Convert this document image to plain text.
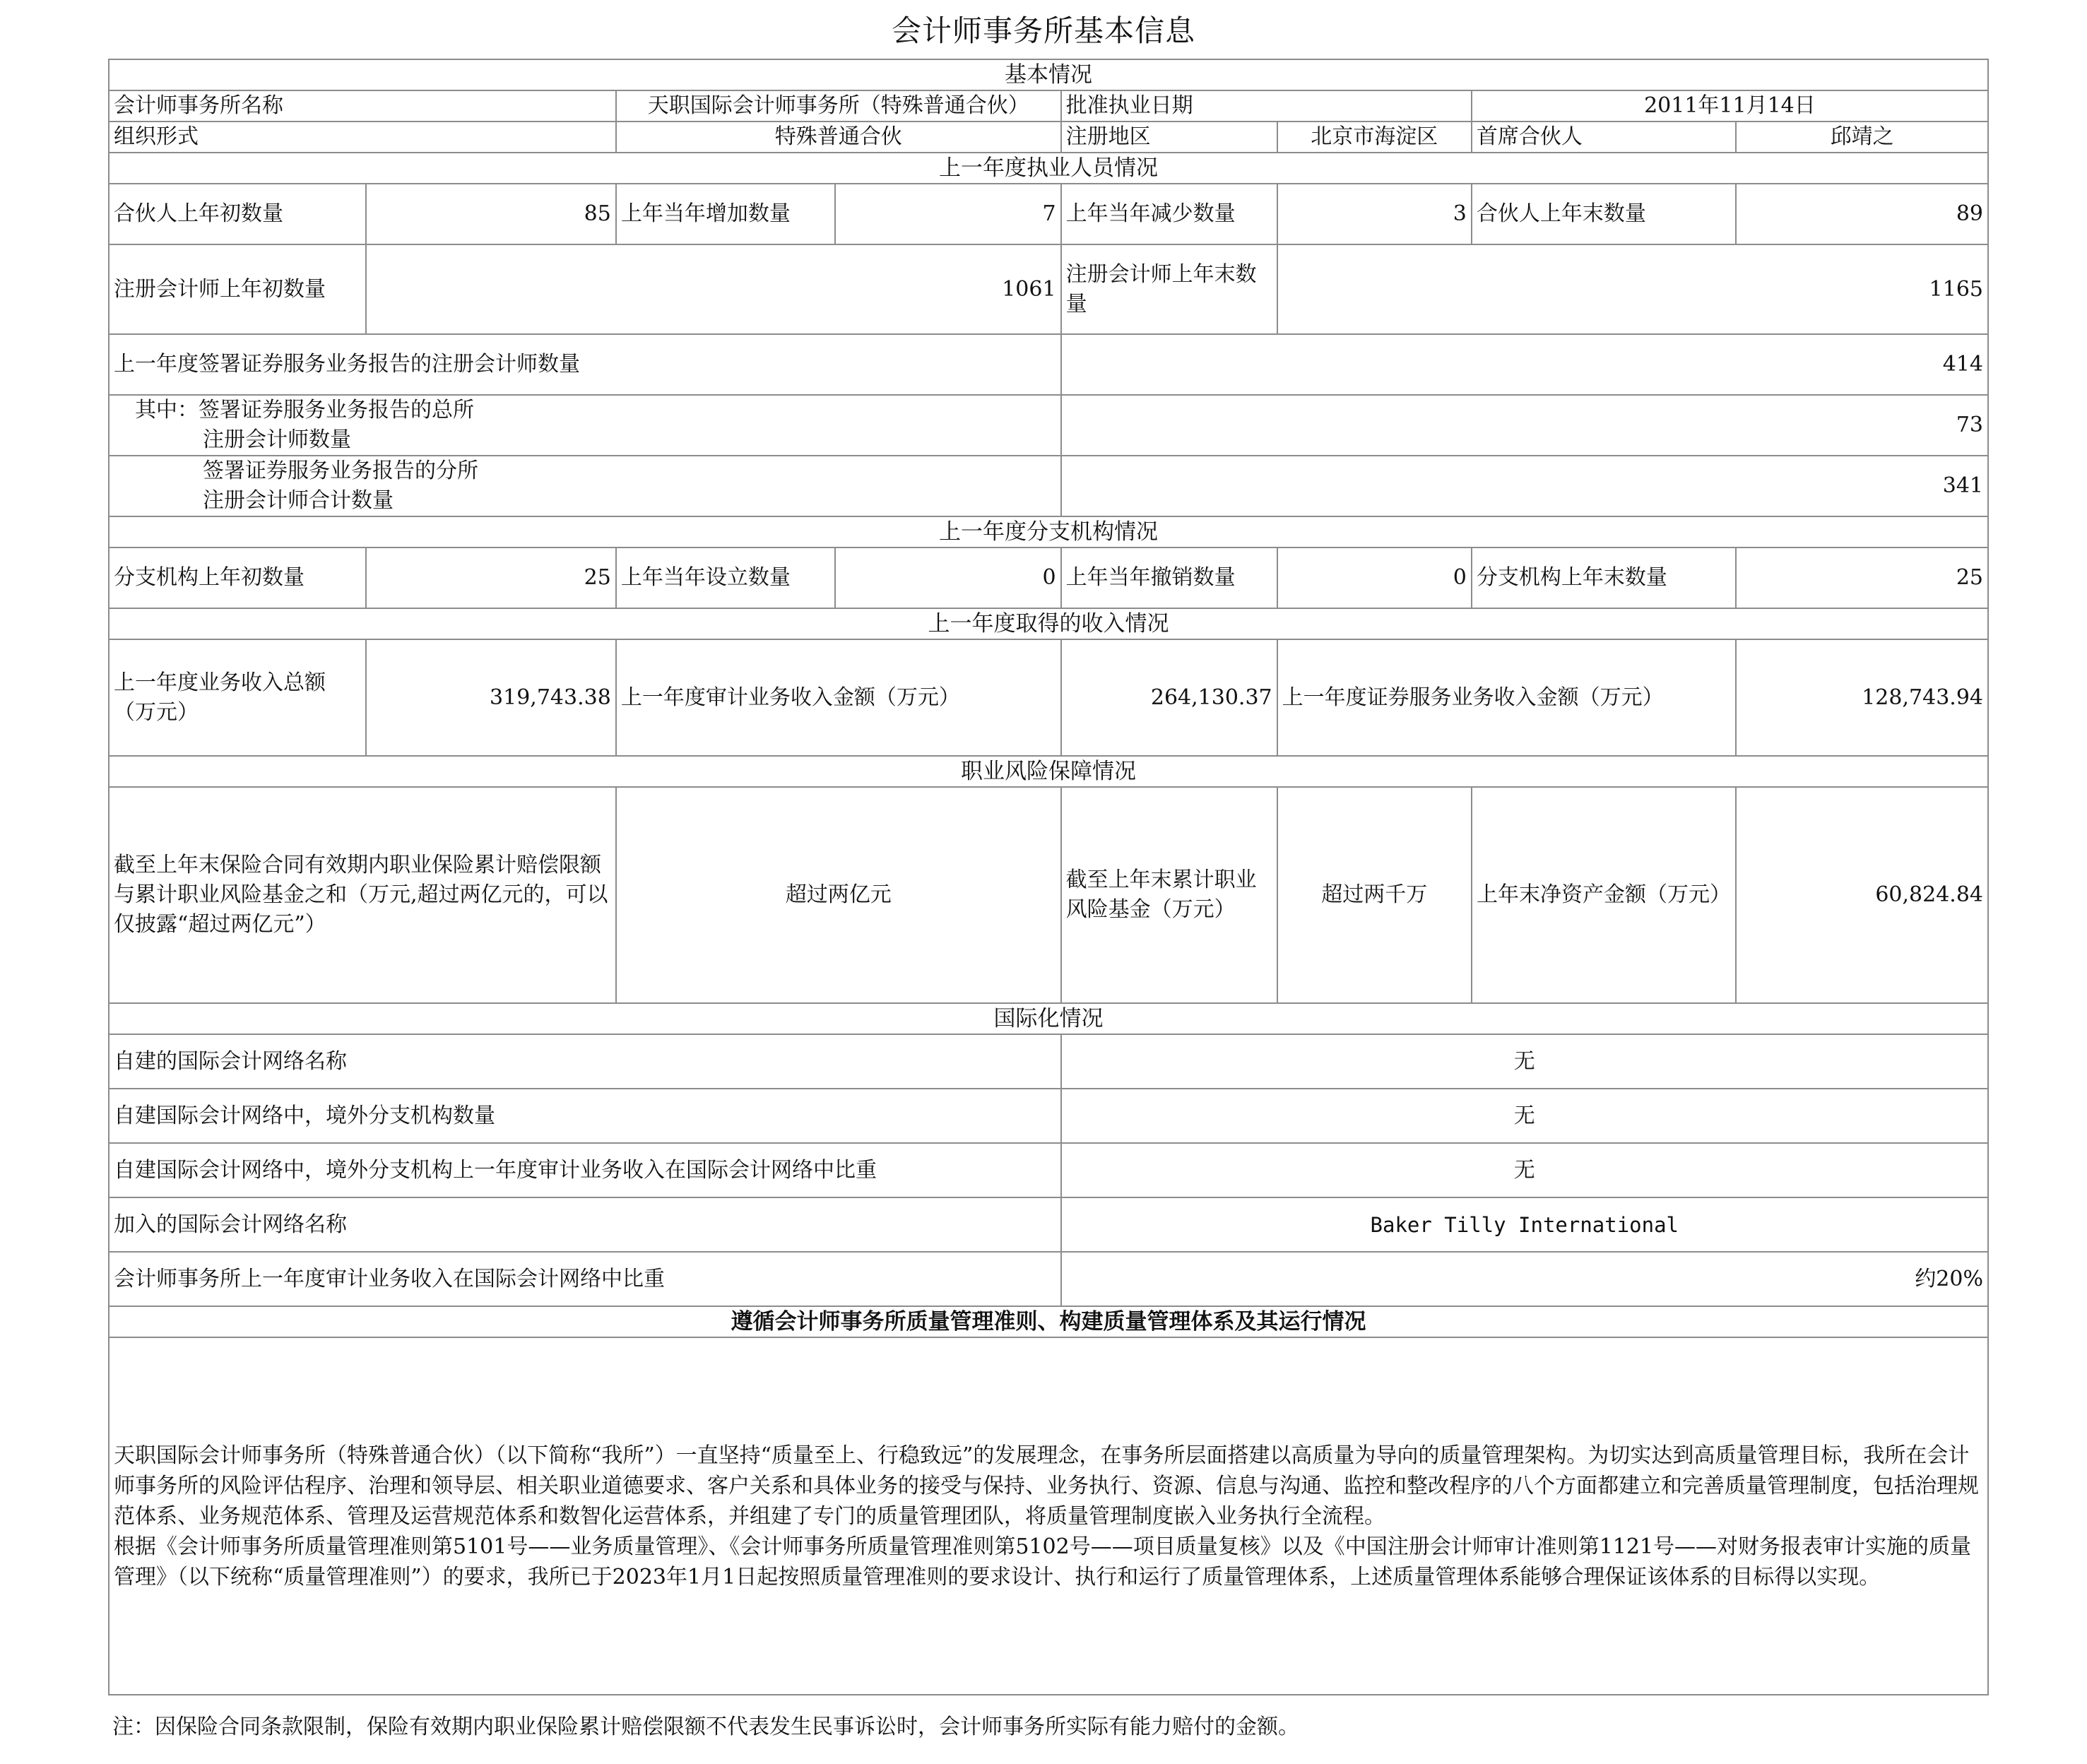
会计师事务所基本信息
基本情况						
会计师事务所名称		天职国际会计师事务所（特殊普通合伙）	批准执业日期		2011年11月14日	
组织形式		特殊普通合伙	注册地区	北京市海淀区	首席合伙人	邱靖之
上一年度执业人员情况						
合伙人上年初数量	85	上年当年增加数量 7	上年当年减少数量	3	合伙人上年末数量	89
注册会计师上年初数量	1061		注册会计师上年末数量	1165		
上一年度签署证券服务业务报告的注册会计师数量			414			

其中：签署证券服务业务报告的总所
注册会计师数量			73			

签署证券服务业务报告的分所
注册会计师合计数量			341			
上一年度分支机构情况						
分支机构上年初数量	25	上年当年设立数量 0	上年当年撤销数量	0	分支机构上年末数量	25
上一年度取得的收入情况						
上一年度业务收入总额（万元）	319,743.38	上一年度审计业务收入金额（万元）	264,130.37	上一年度证券服务业务收入金额（万元）		128,743.94
职业风险保障情况						
截至上年末保险合同有效期内职业保险累计赔偿限额与累计职业风险基金之和（万元,超过两亿元的，可以仅披露“超过两亿元”）		超过两亿元	截至上年末累计职业风险基金（万元）	超过两千万	上年末净资产金额（万元）	60,824.84
国际化情况						
自建的国际会计网络名称			无			
自建国际会计网络中，境外分支机构数量			无			
自建国际会计网络中，境外分支机构上一年度审计业务收入在国际会计网络中比重			无			
加入的国际会计网络名称			Baker Tilly International			
会计师事务所上一年度审计业务收入在国际会计网络中比重			约20%			
遵循会计师事务所质量管理准则、构建质量管理体系及其运行情况						

天职国际会计师事务所（特殊普通合伙）（以下简称“我所”）一直坚持“质量至上、行稳致远”的发展理念，在事务所层面搭建以高质量为导向的质量管理架构。为切实达到高质量管理目标，我所在会计师事务所的风险评估程序、治理和领导层、相关职业道德要求、客户关系和具体业务的接受与保持、业务执行、资源、信息与沟通、监控和整改程序的八个方面都建立和完善质量管理制度，包括治理规范体系、业务规范体系、管理及运营规范体系和数智化运营体系，并组建了专门的质量管理团队，将质量管理制度嵌入业务执行全流程。

根据《会计师事务所质量管理准则第5101号——业务质量管理》、《会计师事务所质量管理准则第5102号——项目质量复核》以及《中国注册会计师审计准则第1121号——对财务报表审计实施的质量管理》（以下统称“质量管理准则”）的要求，我所已于2023年1月1日起按照质量管理准则的要求设计、执行和运行了质量管理体系，上述质量管理体系能够合理保证该体系的目标得以实现。						

注：因保险合同条款限制，保险有效期内职业保险累计赔偿限额不代表发生民事诉讼时，会计师事务所实际有能力赔付的金额。
